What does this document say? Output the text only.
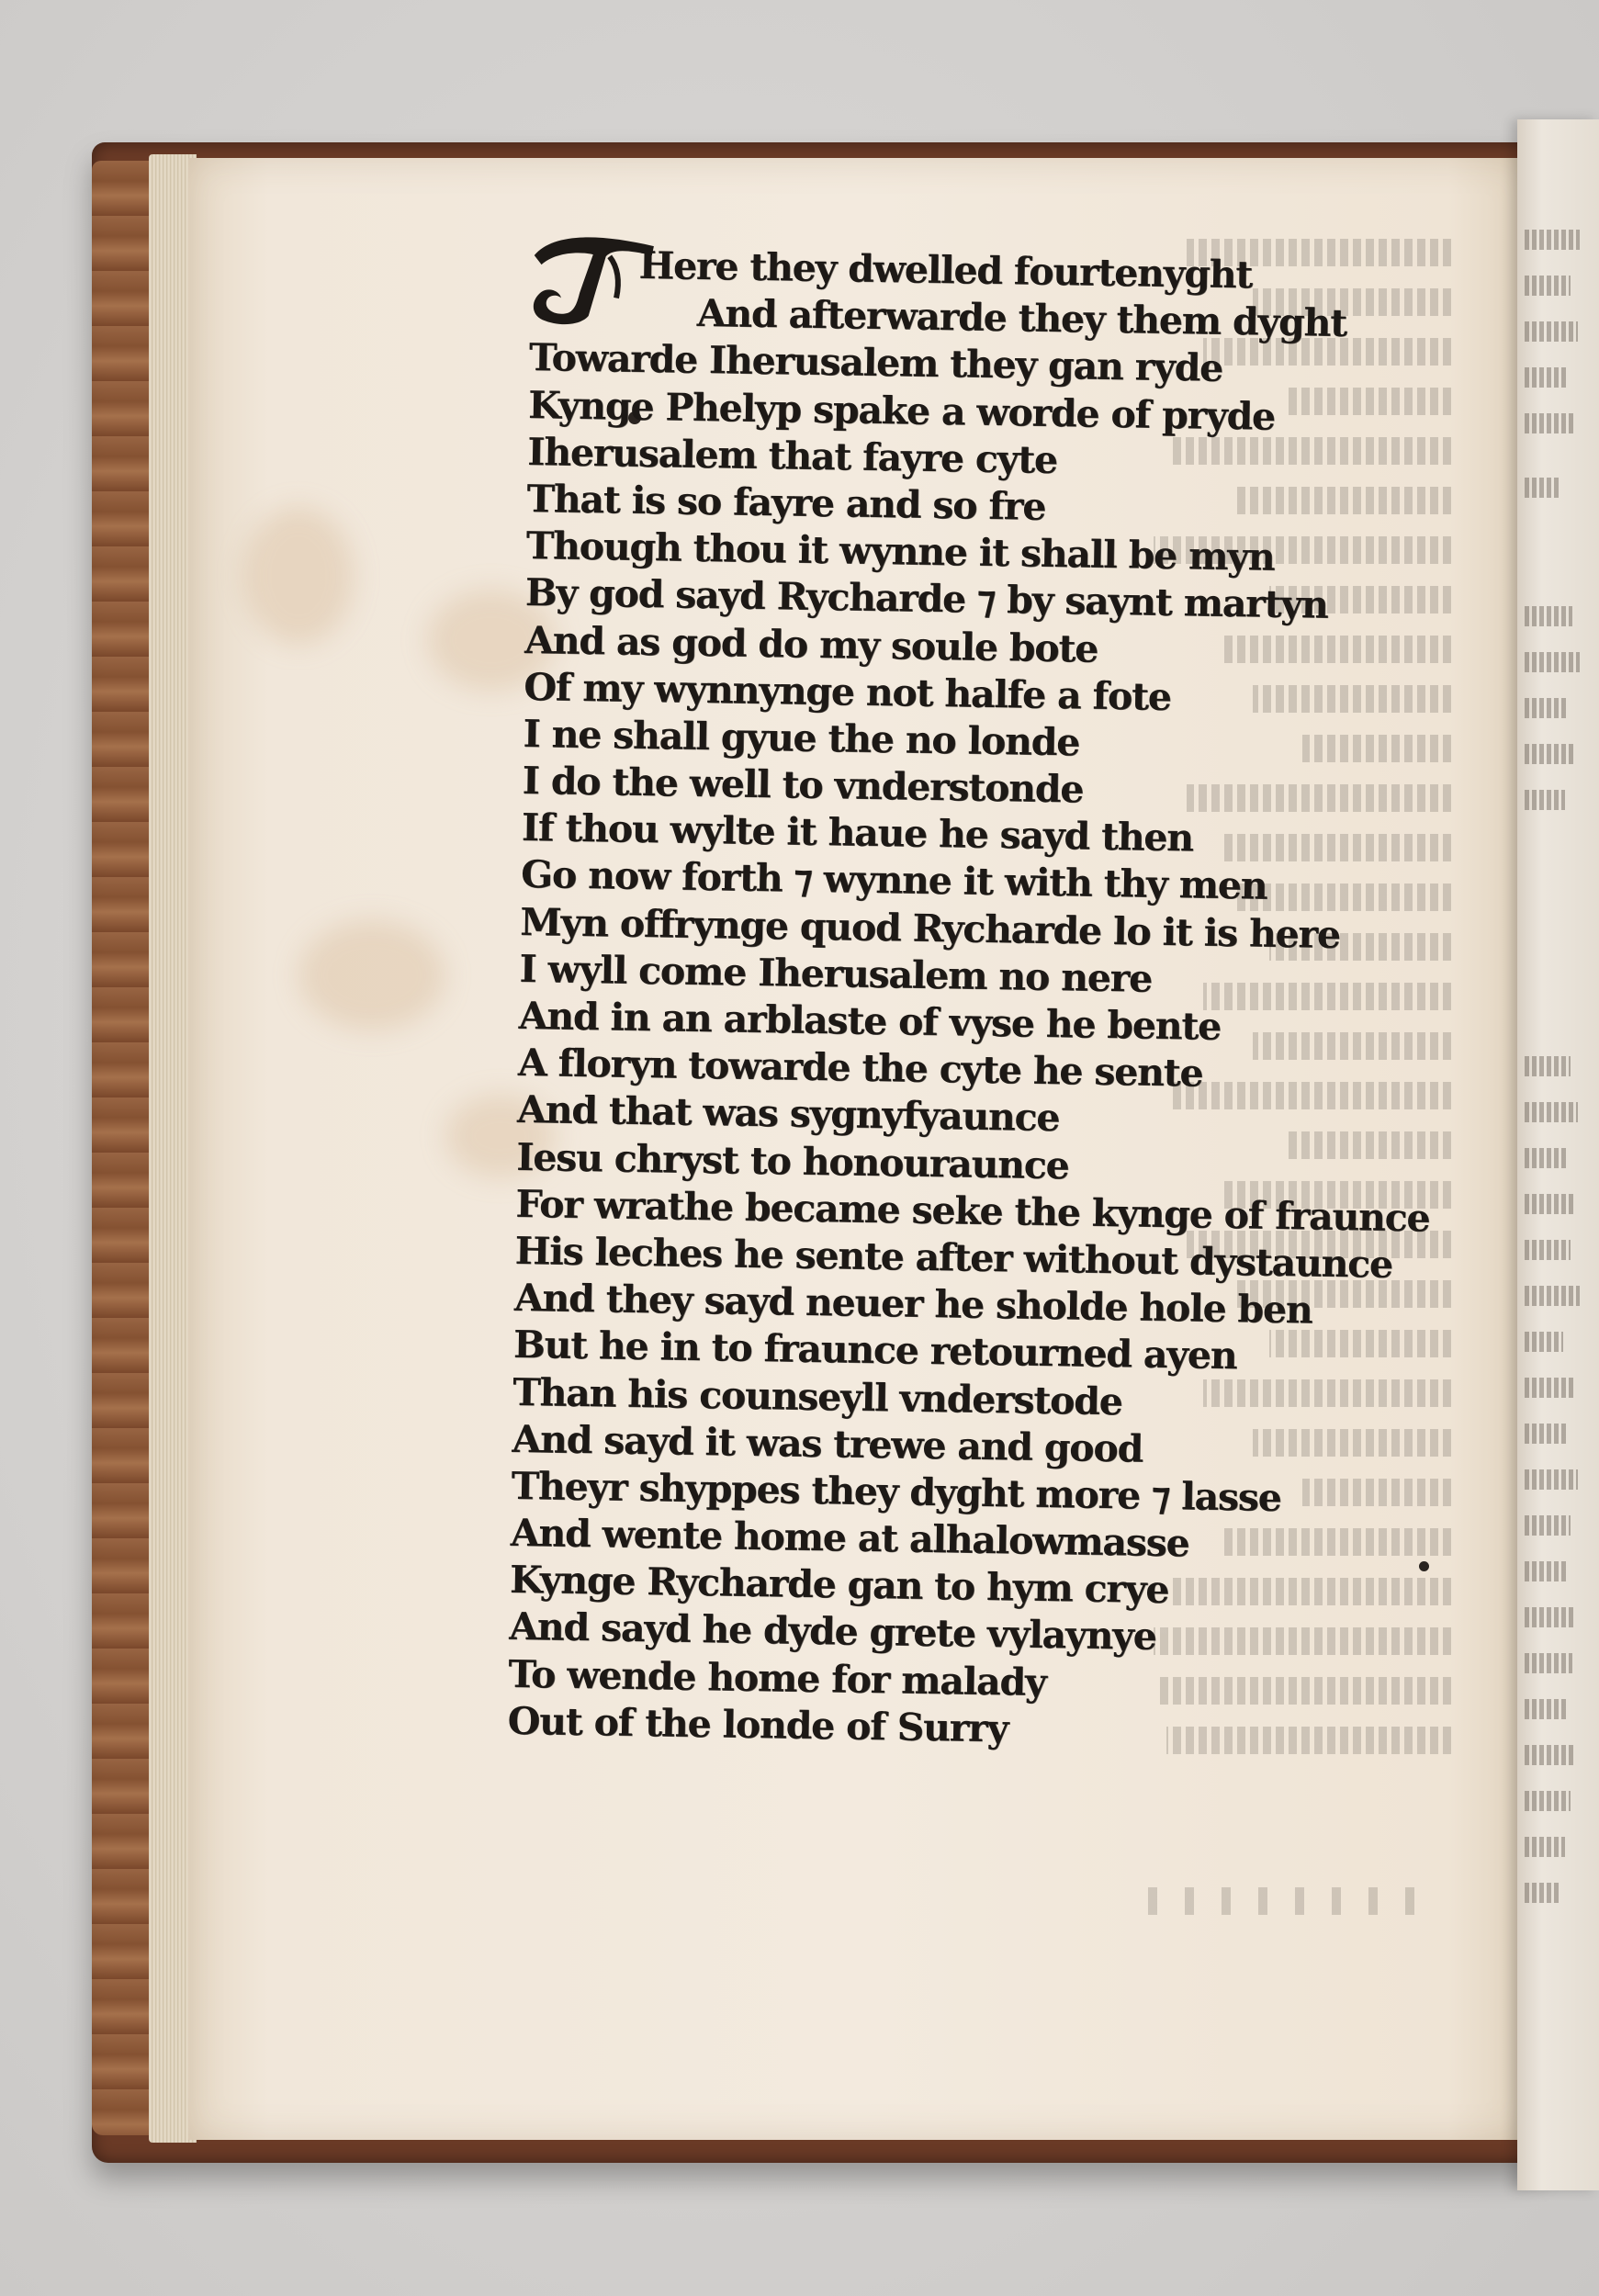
Here they dwelled fourtenyght
And afterwarde they them dyght
Towarde Iherusalem they gan ryde
Kynge Phelyp spake a worde of pryde
Iherusalem that fayre cyte
That is so fayre and so fre
Though thou it wynne it shall be myn
By god sayd Rycharde ⁊ by saynt martyn
And as god do my soule bote
Of my wynnynge not halfe a fote
I ne shall gyue the no londe
I do the well to vnderstonde
If thou wylte it haue he sayd then
Go now forth ⁊ wynne it with thy men
Myn offrynge quod Rycharde lo it is here
I wyll come Iherusalem no nere
And in an arblaste of vyse he bente
A floryn towarde the cyte he sente
And that was sygnyfyaunce
Iesu chryst to honouraunce
For wrathe became seke the kynge of fraunce
His leches he sente after without dystaunce
And they sayd neuer he sholde hole ben
But he in to fraunce retourned ayen
Than his counseyll vnderstode
And sayd it was trewe and good
Theyr shyppes they dyght more ⁊ lasse
And wente home at alhalowmasse
Kynge Rycharde gan to hym crye
And sayd he dyde grete vylaynye
To wende home for malady
Out of the londe of Surry
